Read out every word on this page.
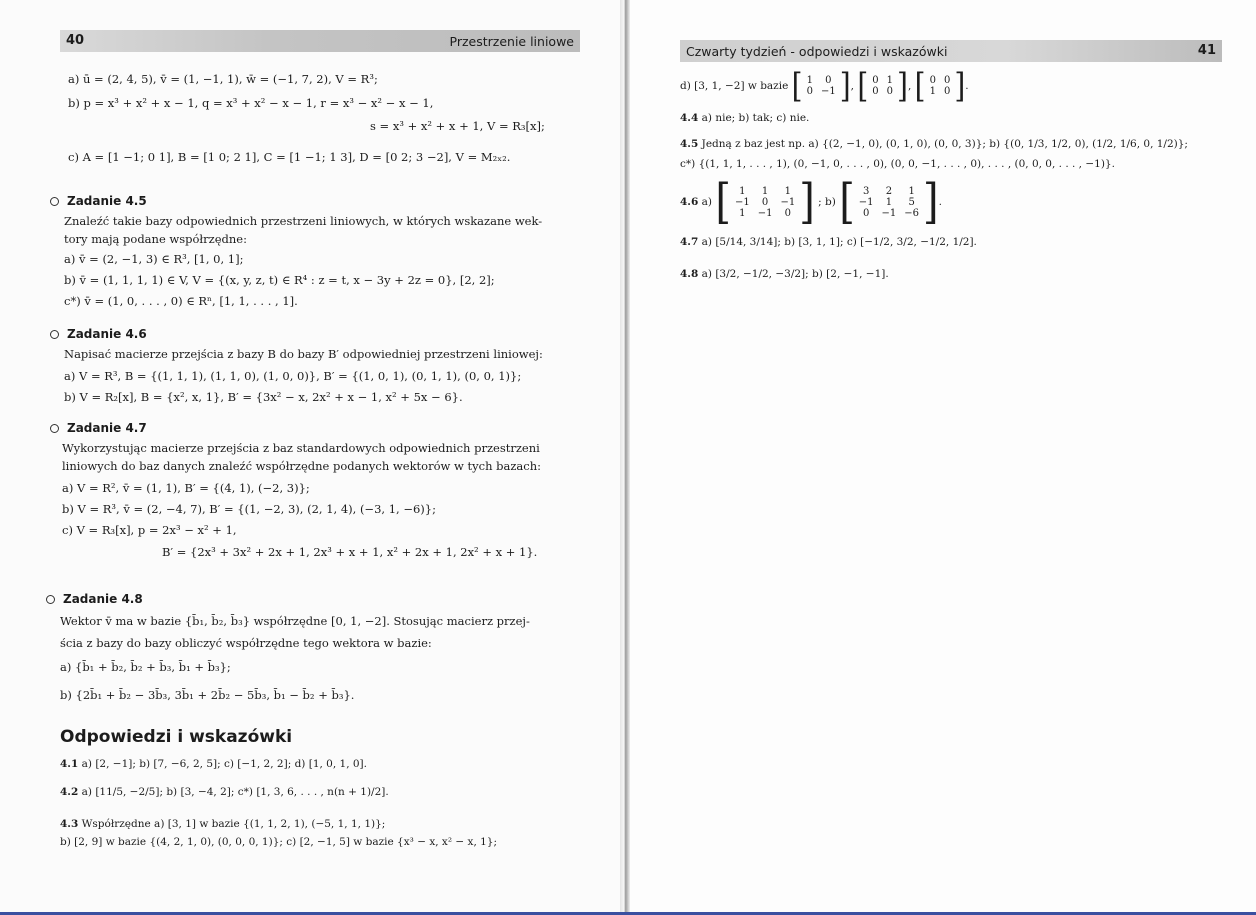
40	Przestrzenie liniowe
a) ū = (2, 4, 5), v̄ = (1, −1, 1), w̄ = (−1, 7, 2), V = R³;
b) p = x³ + x² + x − 1, q = x³ + x² − x − 1, r = x³ − x² − x − 1,
s = x³ + x² + x + 1, V = R₃[x];
c) A = [1 −1; 0 1], B = [1 0; 2 1], C = [1 −1; 1 3], D = [0 2; 3 −2], V = M₂ₓ₂.
Zadanie 4.5
Znaleźć takie bazy odpowiednich przestrzeni liniowych, w których wskazane wek-
tory mają podane współrzędne:
a) v̄ = (2, −1, 3) ∈ R³, [1, 0, 1];
b) v̄ = (1, 1, 1, 1) ∈ V, V = {(x, y, z, t) ∈ R⁴ : z = t, x − 3y + 2z = 0}, [2, 2];
c*) v̄ = (1, 0, . . . , 0) ∈ Rⁿ, [1, 1, . . . , 1].
Zadanie 4.6
Napisać macierze przejścia z bazy B do bazy B′ odpowiedniej przestrzeni liniowej:
a) V = R³, B = {(1, 1, 1), (1, 1, 0), (1, 0, 0)}, B′ = {(1, 0, 1), (0, 1, 1), (0, 0, 1)};
b) V = R₂[x], B = {x², x, 1}, B′ = {3x² − x, 2x² + x − 1, x² + 5x − 6}.
Zadanie 4.7
Wykorzystując macierze przejścia z baz standardowych odpowiednich przestrzeni
liniowych do baz danych znaleźć współrzędne podanych wektorów w tych bazach:
a) V = R², v̄ = (1, 1), B′ = {(4, 1), (−2, 3)};
b) V = R³, v̄ = (2, −4, 7), B′ = {(1, −2, 3), (2, 1, 4), (−3, 1, −6)};
c) V = R₃[x], p = 2x³ − x² + 1,
B′ = {2x³ + 3x² + 2x + 1, 2x³ + x + 1, x² + 2x + 1, 2x² + x + 1}.
Zadanie 4.8
Wektor v̄ ma w bazie {b̄₁, b̄₂, b̄₃} współrzędne [0, 1, −2]. Stosując macierz przej-
ścia z bazy do bazy obliczyć współrzędne tego wektora w bazie:
a) {b̄₁ + b̄₂, b̄₂ + b̄₃, b̄₁ + b̄₃};
b) {2b̄₁ + b̄₂ − 3b̄₃, 3b̄₁ + 2b̄₂ − 5b̄₃, b̄₁ − b̄₂ + b̄₃}.
Odpowiedzi i wskazówki
4.1 a) [2, −1]; b) [7, −6, 2, 5]; c) [−1, 2, 2]; d) [1, 0, 1, 0].
4.2 a) [11/5, −2/5]; b) [3, −4, 2]; c*) [1, 3, 6, . . . , n(n + 1)/2].
4.3 Współrzędne a) [3, 1] w bazie {(1, 1, 2, 1), (−5, 1, 1, 1)};
b) [2, 9] w bazie {(4, 2, 1, 0), (0, 0, 0, 1)}; c) [2, −1, 5] w bazie {x³ − x, x² − x, 1};
Czwarty tydzień - odpowiedzi i wskazówki	41
d) [3, 1, −2] w bazie [ 1	0
0	−1 ] , [ 0	1
0	0 ] , [ 0	0
1	0 ] .
4.4 a) nie; b) tak; c) nie.
4.5 Jedną z baz jest np. a) {(2, −1, 0), (0, 1, 0), (0, 0, 3)}; b) {(0, 1/3, 1/2, 0), (1/2, 1/6, 0, 1/2)};
c*) {(1, 1, 1, . . . , 1), (0, −1, 0, . . . , 0), (0, 0, −1, . . . , 0), . . . , (0, 0, 0, . . . , −1)}.
4.6 a) [ 1	1	1
−1	0	−1
1	−1	0 ] ; b) [ 3	2	1
−1	1	5
0	−1	−6 ] .
4.7 a) [5/14, 3/14]; b) [3, 1, 1]; c) [−1/2, 3/2, −1/2, 1/2].
4.8 a) [3/2, −1/2, −3/2]; b) [2, −1, −1].
